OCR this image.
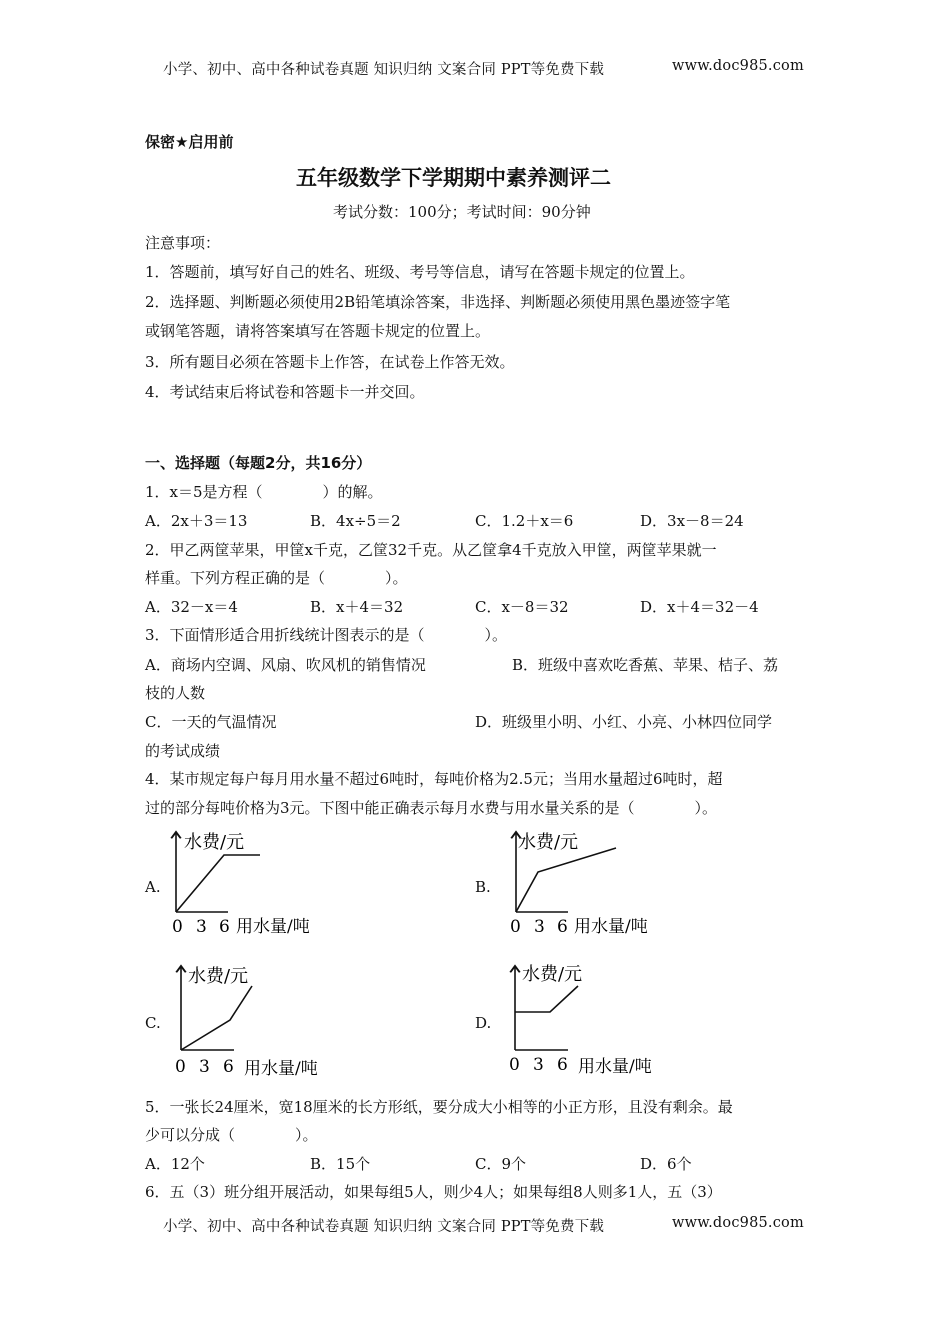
小学、初中、高中各种试卷真题 知识归纳 文案合同 PPT等免费下载	www.doc985.com
保密★启用前
五年级数学下学期期中素养测评二
考试分数：100分；考试时间：90分钟
注意事项：
1．答题前，填写好自己的姓名、班级、考号等信息，请写在答题卡规定的位置上。
2．选择题、判断题必须使用2B铅笔填涂答案，非选择、判断题必须使用黑色墨迹签字笔
或钢笔答题，请将答案填写在答题卡规定的位置上。
3．所有题目必须在答题卡上作答，在试卷上作答无效。
4．考试结束后将试卷和答题卡一并交回。
一、选择题（每题2分，共16分）
1．x＝5是方程（　　　　）的解。
A．2x＋3＝13	B．4x÷5＝2	C．1.2＋x＝6	D．3x－8＝24
2．甲乙两筐苹果，甲筐x千克，乙筐32千克。从乙筐拿4千克放入甲筐，两筐苹果就一
样重。下列方程正确的是（　　　　）。
A．32－x＝4	B．x＋4＝32	C．x－8＝32	D．x＋4＝32－4
3．下面情形适合用折线统计图表示的是（　　　　）。
A．商场内空调、风扇、吹风机的销售情况	B．班级中喜欢吃香蕉、苹果、桔子、荔
枝的人数
C．一天的气温情况	D．班级里小明、小红、小亮、小林四位同学
的考试成绩
4．某市规定每户每月用水量不超过6吨时，每吨价格为2.5元；当用水量超过6吨时，超
过的部分每吨价格为3元。下图中能正确表示每月水费与用水量关系的是（　　　　）。
A.
水费/元
0 3 6 用水量/吨
B.
水费/元
0 3 6 用水量/吨
C.
水费/元
0 3 6 用水量/吨
D.
水费/元
0 3 6 用水量/吨
5．一张长24厘米，宽18厘米的长方形纸，要分成大小相等的小正方形，且没有剩余。最
少可以分成（　　　　）。
A．12个	B．15个	C．9个	D．6个
6．五（3）班分组开展活动，如果每组5人，则少4人；如果每组8人则多1人，五（3）
小学、初中、高中各种试卷真题 知识归纳 文案合同 PPT等免费下载	www.doc985.com
